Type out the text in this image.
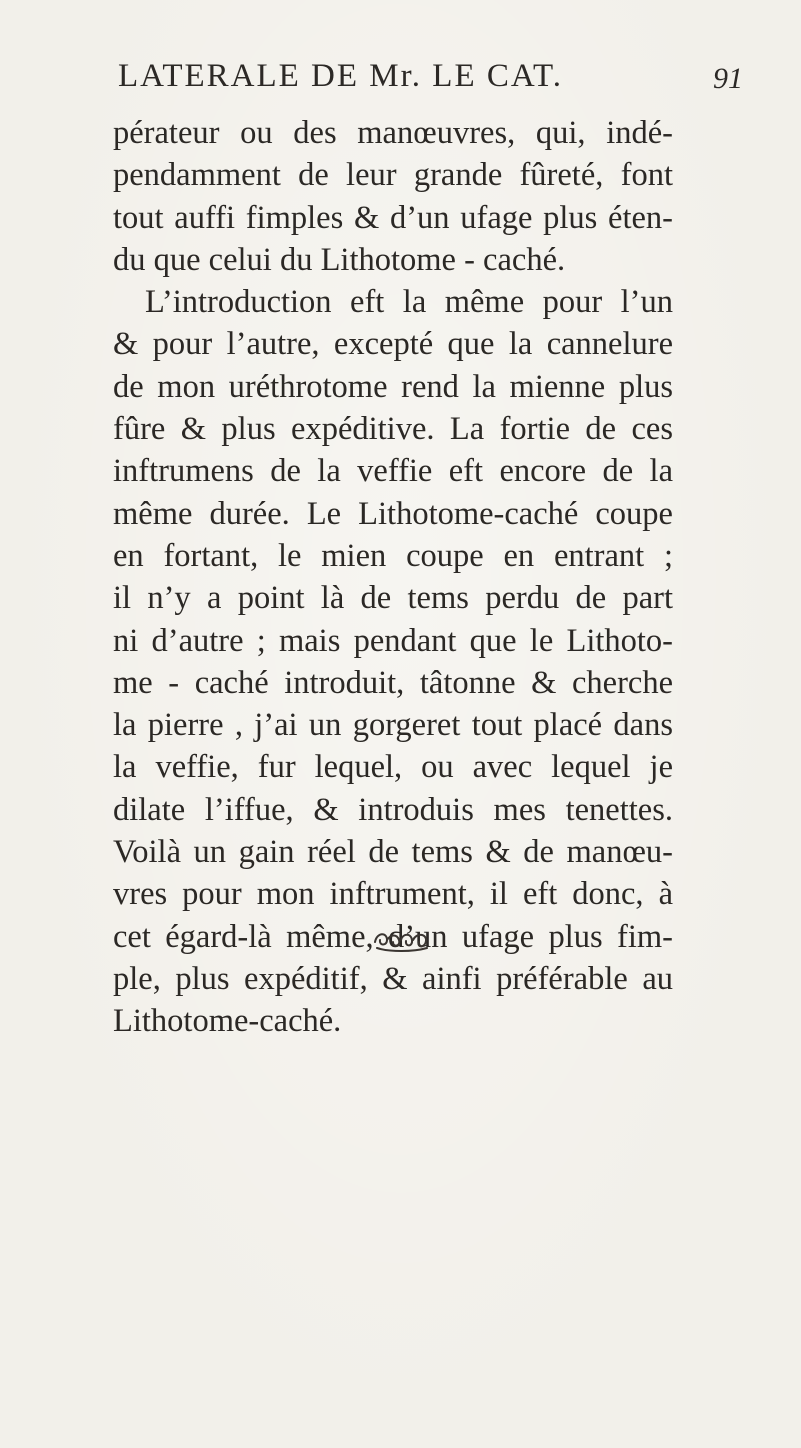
LATERALE DE Mr. LE CAT.	91
pérateur ou des manœuvres, qui, indé-
pendamment de leur grande fûreté, font
tout auffi fimples & d’un ufage plus éten-
du que celui du Lithotome - caché.
L’introduction eft la même pour l’un
& pour l’autre, excepté que la cannelure
de mon uréthrotome rend la mienne plus
fûre & plus expéditive. La fortie de ces
inftrumens de la veffie eft encore de la
même durée. Le Lithotome-caché coupe
en fortant, le mien coupe en entrant ;
il n’y a point là de tems perdu de part
ni d’autre ; mais pendant que le Lithoto-
me - caché introduit, tâtonne & cherche
la pierre , j’ai un gorgeret tout placé dans
la veffie, fur lequel, ou avec lequel je
dilate l’iffue, & introduis mes tenettes.
Voilà un gain réel de tems & de manœu-
vres pour mon inftrument, il eft donc, à
cet égard-là même, d’un ufage plus fim-
ple, plus expéditif, & ainfi préférable au
Lithotome-caché.
